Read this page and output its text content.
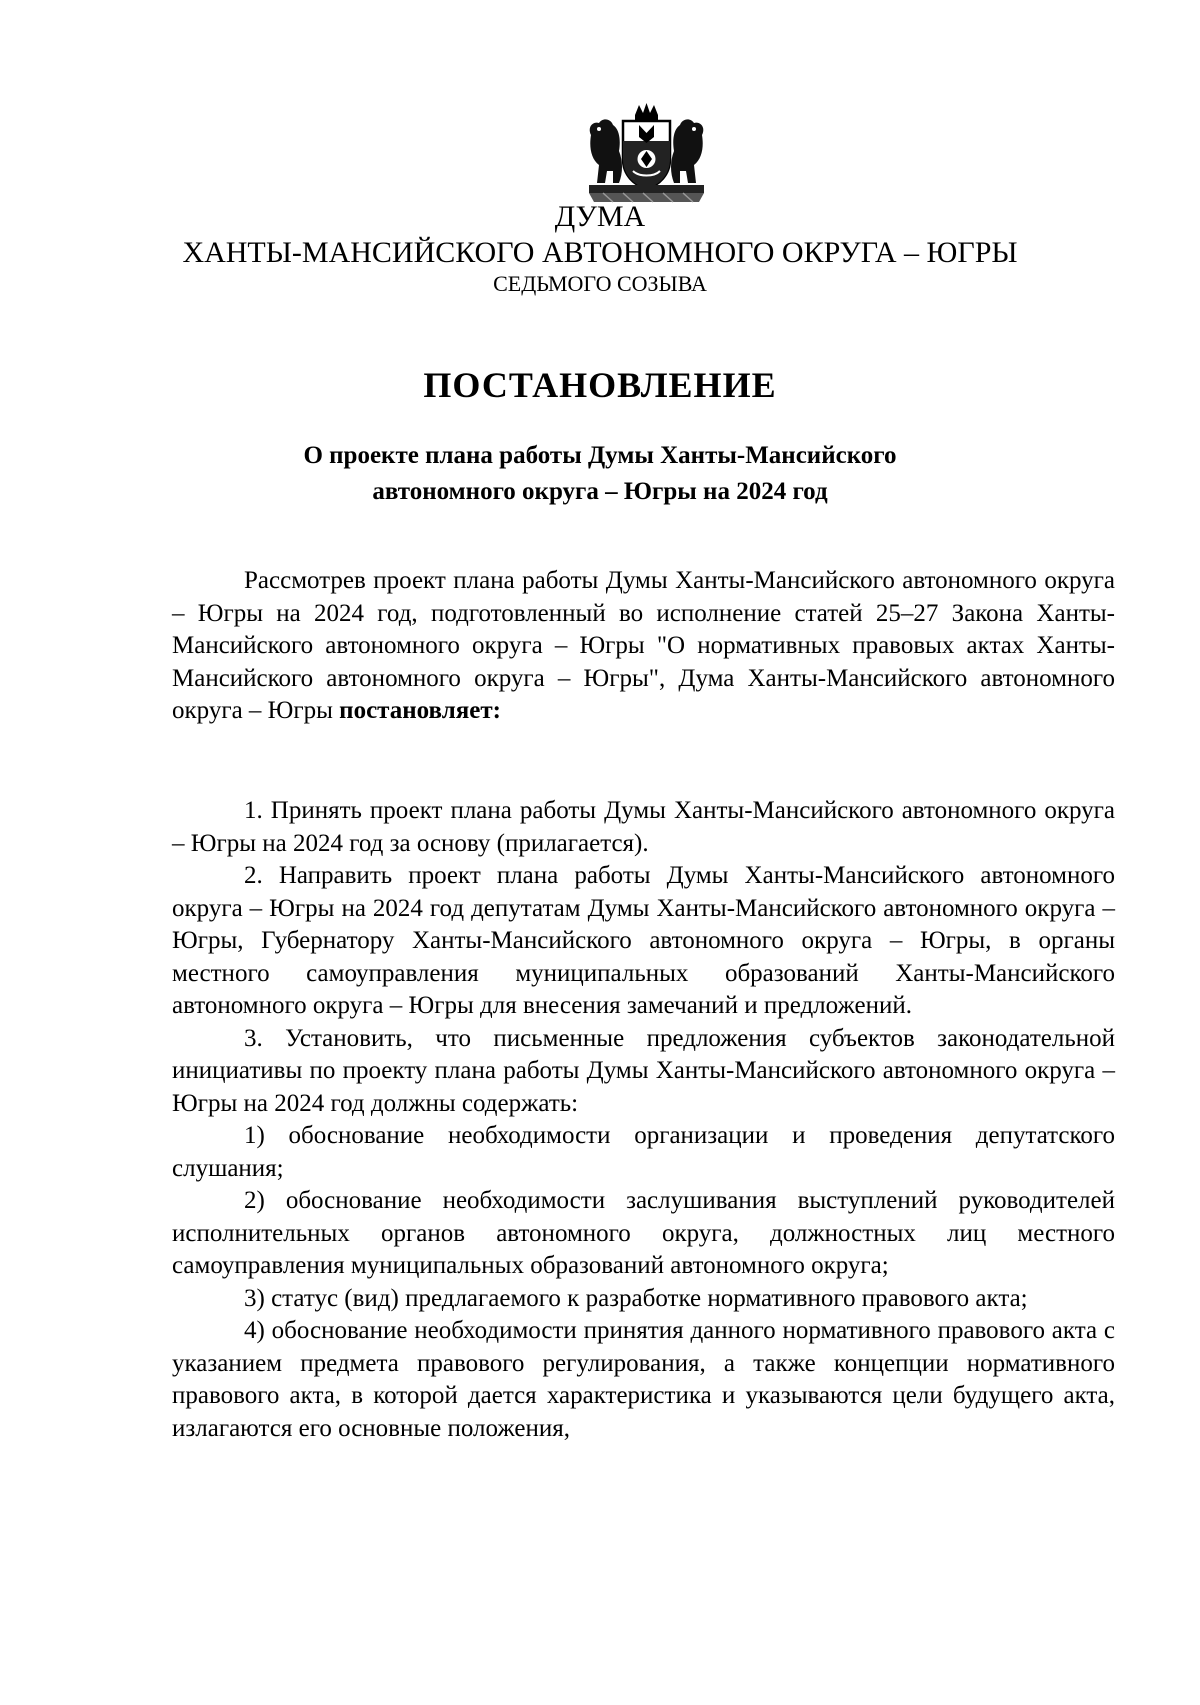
ДУМА
ХАНТЫ-МАНСИЙСКОГО АВТОНОМНОГО ОКРУГА – ЮГРЫ
СЕДЬМОГО СОЗЫВА
ПОСТАНОВЛЕНИЕ
О проекте плана работы Думы Ханты-Мансийского
автономного округа – Югры на 2024 год

Рассмотрев проект плана работы Думы Ханты-Мансийского автономного округа – Югры на 2024 год, подготовленный во исполнение статей 25–27 Закона Ханты-Мансийского автономного округа – Югры "О нормативных правовых актах Ханты-Мансийского автономного округа – Югры", Дума Ханты-Мансийского автономного округа – Югры постановляет:

1. Принять проект плана работы Думы Ханты-Мансийского автономного округа – Югры на 2024 год за основу (прилагается).

2. Направить проект плана работы Думы Ханты-Мансийского автономного округа – Югры на 2024 год депутатам Думы Ханты-Мансийского автономного округа – Югры, Губернатору Ханты-Мансийского автономного округа – Югры, в органы местного самоуправления муниципальных образований Ханты-Мансийского автономного округа – Югры для внесения замечаний и предложений.

3. Установить, что письменные предложения субъектов законодательной инициативы по проекту плана работы Думы Ханты-Мансийского автономного округа – Югры на 2024 год должны содержать:

1) обоснование необходимости организации и проведения депутатского слушания;

2) обоснование необходимости заслушивания выступлений руководителей исполнительных органов автономного округа, должностных лиц местного самоуправления муниципальных образований автономного округа;

3) статус (вид) предлагаемого к разработке нормативного правового акта;

4) обоснование необходимости принятия данного нормативного правового акта с указанием предмета правового регулирования, а также концепции нормативного правового акта, в которой дается характеристика и указываются цели будущего акта, излагаются его основные положения,
